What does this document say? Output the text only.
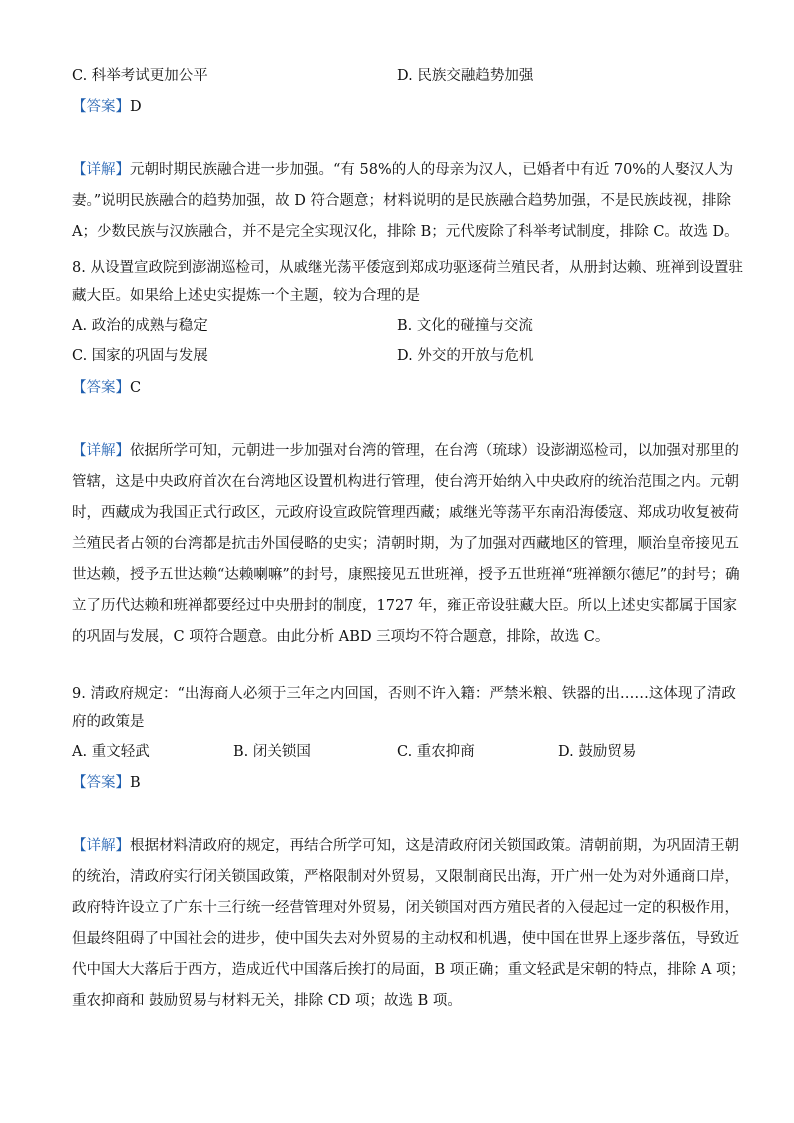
C. 科举考试更加公平	D. 民族交融趋势加强
【答案】D

【详解】元朝时期民族融合进一步加强。“有 58%的人的母亲为汉人，已婚者中有近 70%的人娶汉人为

妻。”说明民族融合的趋势加强，故 D 符合题意；材料说明的是民族融合趋势加强，不是民族歧视，排除

A；少数民族与汉族融合，并不是完全实现汉化，排除 B；元代废除了科举考试制度，排除 C。故选 D。

8. 从设置宣政院到澎湖巡检司，从戚继光荡平倭寇到郑成功驱逐荷兰殖民者，从册封达赖、班禅到设置驻

藏大臣。如果给上述史实提炼一个主题，较为合理的是

A. 政治的成熟与稳定	B. 文化的碰撞与交流
C. 国家的巩固与发展	D. 外交的开放与危机
【答案】C

【详解】依据所学可知，元朝进一步加强对台湾的管理，在台湾（琉球）设澎湖巡检司，以加强对那里的

管辖，这是中央政府首次在台湾地区设置机构进行管理，使台湾开始纳入中央政府的统治范围之内。元朝

时，西藏成为我国正式行政区，元政府设宣政院管理西藏；戚继光等荡平东南沿海倭寇、郑成功收复被荷

兰殖民者占领的台湾都是抗击外国侵略的史实；清朝时期，为了加强对西藏地区的管理，顺治皇帝接见五

世达赖，授予五世达赖“达赖喇嘛”的封号，康熙接见五世班禅，授予五世班禅“班禅额尔德尼”的封号；确

立了历代达赖和班禅都要经过中央册封的制度，1727 年，雍正帝设驻藏大臣。所以上述史实都属于国家

的巩固与发展，C 项符合题意。由此分析 ABD 三项均不符合题意，排除，故选 C。

9. 清政府规定：“出海商人必须于三年之内回国，否则不许入籍：严禁米粮、铁器的出……这体现了清政

府的政策是

A. 重文轻武	B. 闭关锁国	C. 重农抑商	D. 鼓励贸易
【答案】B

【详解】根据材料清政府的规定，再结合所学可知，这是清政府闭关锁国政策。清朝前期，为巩固清王朝

的统治，清政府实行闭关锁国政策，严格限制对外贸易，又限制商民出海，开广州一处为对外通商口岸，

政府特许设立了广东十三行统一经营管理对外贸易，闭关锁国对西方殖民者的入侵起过一定的积极作用，

但最终阻碍了中国社会的进步，使中国失去对外贸易的主动权和机遇，使中国在世界上逐步落伍，导致近

代中国大大落后于西方，造成近代中国落后挨打的局面，B 项正确；重文轻武是宋朝的特点，排除 A 项；

重农抑商和 鼓励贸易与材料无关，排除 CD 项；故选 B 项。
